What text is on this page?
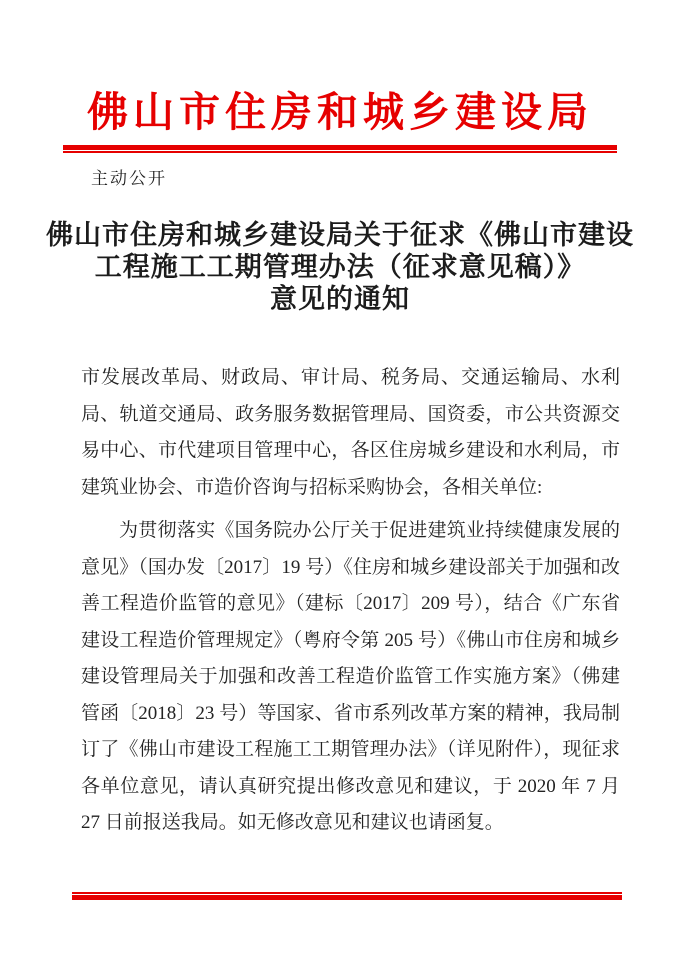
佛山市住房和城乡建设局
主动公开
佛山市住房和城乡建设局关于征求《佛山市建设
工程施工工期管理办法（征求意见稿）》
意见的通知

市发展改革局、财政局、审计局、税务局、交通运输局、水利局、轨道交通局、政务服务数据管理局、国资委，市公共资源交易中心、市代建项目管理中心，各区住房城乡建设和水利局，市建筑业协会、市造价咨询与招标采购协会，各相关单位:

为贯彻落实《国务院办公厅关于促进建筑业持续健康发展的意见》（国办发〔2017〕19 号）《住房和城乡建设部关于加强和改善工程造价监管的意见》（建标〔2017〕209 号），结合《广东省建设工程造价管理规定》（粤府令第 205 号）《佛山市住房和城乡建设管理局关于加强和改善工程造价监管工作实施方案》（佛建管函〔2018〕23 号）等国家、省市系列改革方案的精神，我局制订了《佛山市建设工程施工工期管理办法》（详见附件），现征求各单位意见，请认真研究提出修改意见和建议，于 2020 年 7 月 27 日前报送我局。如无修改意见和建议也请函复。
